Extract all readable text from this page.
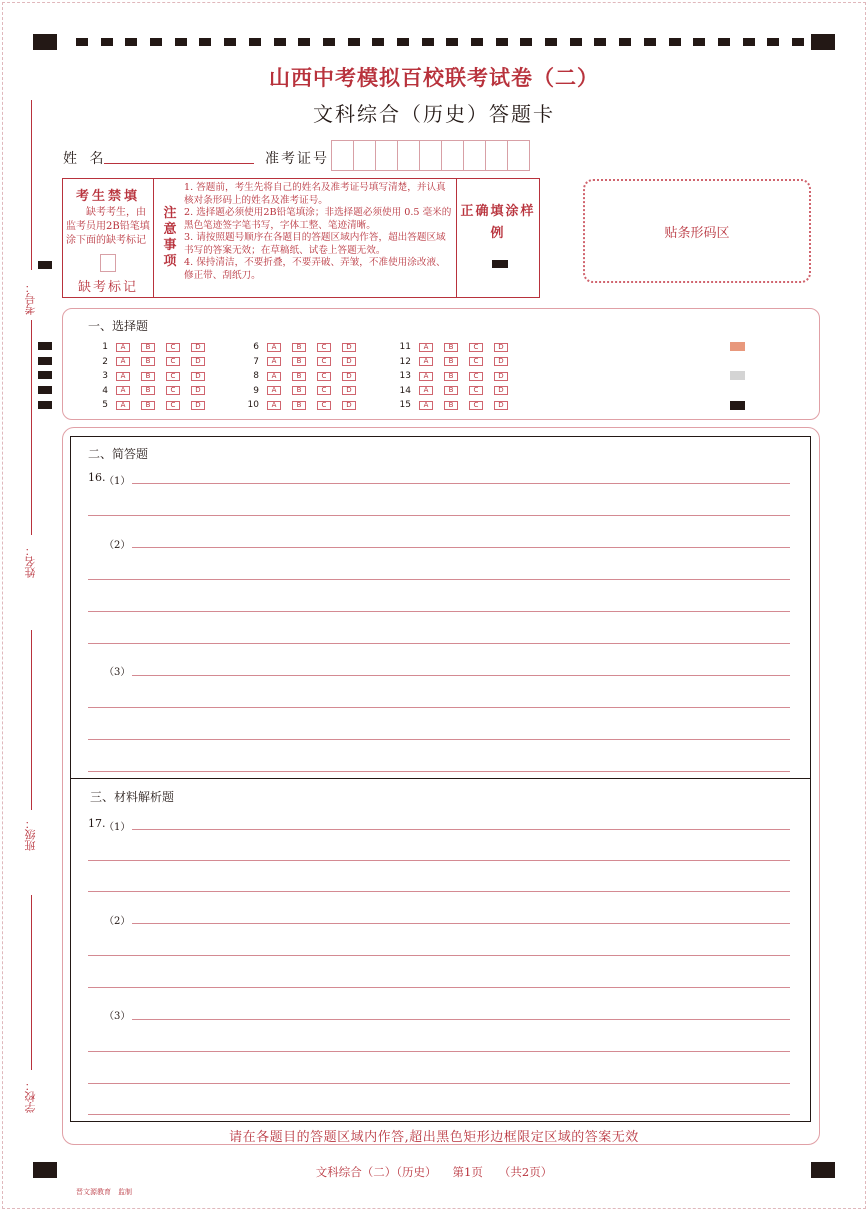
山西中考模拟百校联考试卷（二）
文科综合（历史）答题卡
姓 名	准考证号
考生禁填
缺考考生，由监考员用2B铅笔填涂下面的缺考标记
缺考标记
注
意
事
项
1. 答题前，考生先将自己的姓名及准考证号填写清楚，并认真核对条形码上的姓名及准考证号。
2. 选择题必须使用2B铅笔填涂；非选择题必须使用 0.5 毫米的黑色笔迹签字笔书写，字体工整、笔迹清晰。
3. 请按照题号顺序在各题目的答题区域内作答，超出答题区域书写的答案无效；在草稿纸、试卷上答题无效。
4. 保持清洁，不要折叠，不要弄破、弄皱，不准使用涂改液、修正带、刮纸刀。
正确填涂样例	贴条形码区
考号：
姓名：
班级：
学校：
一、选择题
1	A	B	C	D
2	A	B	C	D
3	A	B	C	D
4	A	B	C	D
5	A	B	C	D
6	A	B	C	D
7	A	B	C	D
8	A	B	C	D
9	A	B	C	D
10	A	B	C	D
11	A	B	C	D
12	A	B	C	D
13	A	B	C	D
14	A	B	C	D
15	A	B	C	D
二、简答题
16.
（1）
（2）
（3）
三、材料解析题
17.
（1）
（2）
（3）
请在各题目的答题区域内作答,超出黑色矩形边框限定区域的答案无效
文科综合（二）（历史） 第1页 （共2页）
晋文源教育　监制
